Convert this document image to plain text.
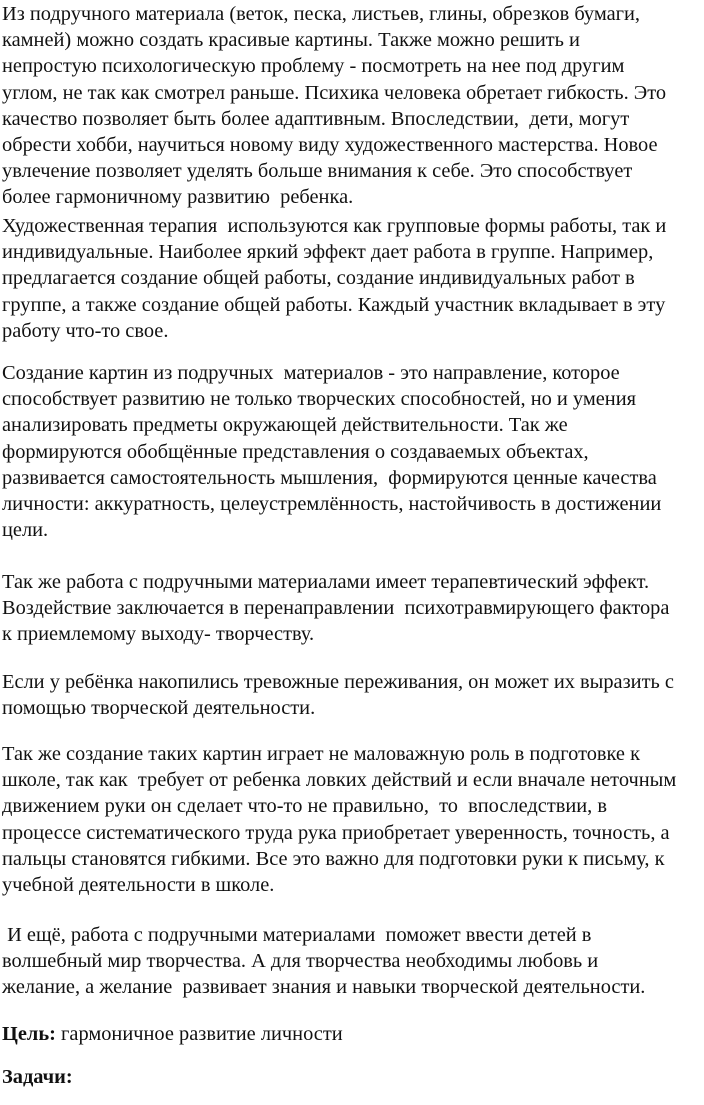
Из подручного материала (веток, песка, листьев, глины, обрезков бумаги,
камней) можно создать красивые картины. Также можно решить и
непростую психологическую проблему - посмотреть на нее под другим
углом, не так как смотрел раньше. Психика человека обретает гибкость. Это
качество позволяет быть более адаптивным. Впоследствии,  дети, могут
обрести хобби, научиться новому виду художественного мастерства. Новое
увлечение позволяет уделять больше внимания к себе. Это способствует
более гармоничному развитию  ребенка.
Художественная терапия  используются как групповые формы работы, так и
индивидуальные. Наиболее яркий эффект дает работа в группе. Например,
предлагается создание общей работы, создание индивидуальных работ в
группе, а также создание общей работы. Каждый участник вкладывает в эту
работу что-то свое.
Создание картин из подручных  материалов - это направление, которое
способствует развитию не только творческих способностей, но и умения
анализировать предметы окружающей действительности. Так же
формируются обобщённые представления о создаваемых объектах,
развивается самостоятельность мышления,  формируются ценные качества
личности: аккуратность, целеустремлённость, настойчивость в достижении
цели.
Так же работа с подручными материалами имеет терапевтический эффект.
Воздействие заключается в перенаправлении  психотравмирующего фактора
к приемлемому выходу- творчеству.
Если у ребёнка накопились тревожные переживания, он может их выразить с
помощью творческой деятельности.
Так же создание таких картин играет не маловажную роль в подготовке к
школе, так как  требует от ребенка ловких действий и если вначале неточным
движением руки он сделает что-то не правильно,  то  впоследствии, в
процессе систематического труда рука приобретает уверенность, точность, а
пальцы становятся гибкими. Все это важно для подготовки руки к письму, к
учебной деятельности в школе.
И ещё, работа с подручными материалами  поможет ввести детей в
волшебный мир творчества. А для творчества необходимы любовь и
желание, а желание  развивает знания и навыки творческой деятельности.
Цель: гармоничное развитие личности
Задачи:
